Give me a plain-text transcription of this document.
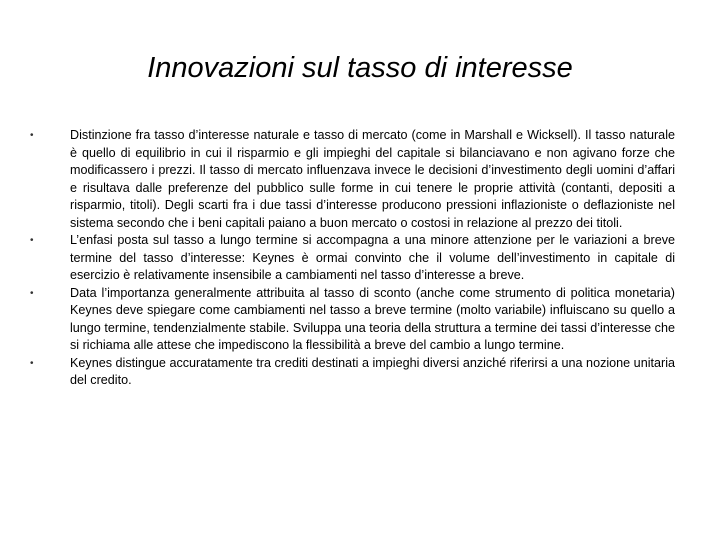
Innovazioni sul tasso di interesse
•	Distinzione fra tasso d’interesse naturale e tasso di mercato (come in Marshall e Wicksell). Il tasso naturale è quello di equilibrio in cui il risparmio e gli impieghi del capitale si bilanciavano e non agivano forze che modificassero i prezzi. Il tasso di mercato influenzava invece le decisioni d’investimento degli uomini d’affari e risultava dalle preferenze del pubblico sulle forme in cui tenere le proprie attività (contanti, depositi a risparmio, titoli). Degli scarti fra i due tassi d’interesse producono pressioni inflazioniste o deflazioniste nel sistema secondo che i beni capitali paiano a buon mercato o costosi in relazione al prezzo dei titoli.
•	L’enfasi posta sul tasso a lungo termine si accompagna a una minore attenzione per le variazioni a breve termine del tasso d’interesse: Keynes è ormai convinto che il volume dell’investimento in capitale di esercizio è relativamente insensibile a cambiamenti nel tasso d’interesse a breve.
•	Data l’importanza generalmente attribuita al tasso di sconto (anche come strumento di politica monetaria) Keynes deve spiegare come cambiamenti nel tasso a breve termine (molto variabile) influiscano su quello a lungo termine, tendenzialmente stabile. Sviluppa una teoria della struttura a termine dei tassi d’interesse che si richiama alle attese che impediscono la flessibilità a breve del cambio a lungo termine.
•	Keynes distingue accuratamente tra crediti destinati a impieghi diversi anziché riferirsi a una nozione unitaria del credito.
